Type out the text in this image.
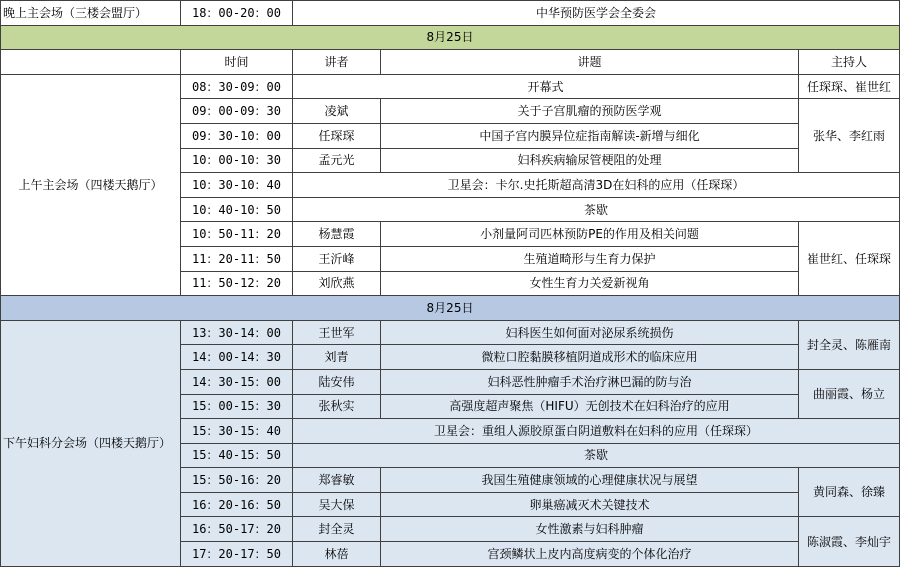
晚上主会场（三楼会盟厅）	18：00-20：00	中华预防医学会全委会		
8月25日				
	时间	讲者	讲题	主持人
上午主会场（四楼天鹅厅）	08：30-09：00	开幕式		任琛琛、崔世红
	09：00-09：30	凌斌	关于子宫肌瘤的预防医学观	张华、李红雨
	09：30-10：00	任琛琛	中国子宫内膜异位症指南解读-新增与细化	
	10：00-10：30	孟元光	妇科疾病输尿管梗阻的处理	
	10：30-10：40	卫星会：卡尔.史托斯超高清3D在妇科的应用（任琛琛）		
	10：40-10：50	茶歇		
	10：50-11：20	杨慧霞	小剂量阿司匹林预防PE的作用及相关问题	崔世红、任琛琛
	11：20-11：50	王沂峰	生殖道畸形与生育力保护	
	11：50-12：20	刘欣燕	女性生育力关爱新视角	
8月25日				
下午妇科分会场（四楼天鹅厅）	13：30-14：00	王世军	妇科医生如何面对泌尿系统损伤	封全灵、陈雁南
	14：00-14：30	刘青	微粒口腔黏膜移植阴道成形术的临床应用	
	14：30-15：00	陆安伟	妇科恶性肿瘤手术治疗淋巴漏的防与治	曲丽霞、杨立
	15：00-15：30	张秋实	高强度超声聚焦（HIFU）无创技术在妇科治疗的应用	
	15：30-15：40	卫星会：重组人源胶原蛋白阴道敷料在妇科的应用（任琛琛）		
	15：40-15：50	茶歇		
	15：50-16：20	郑睿敏	我国生殖健康领域的心理健康状况与展望	黄同森、徐臻
	16：20-16：50	吴大保	卵巢癌减灭术关键技术	
	16：50-17：20	封全灵	女性激素与妇科肿瘤	陈淑霞、李灿宇
	17：20-17：50	林蓓	宫颈鳞状上皮内高度病变的个体化治疗	
